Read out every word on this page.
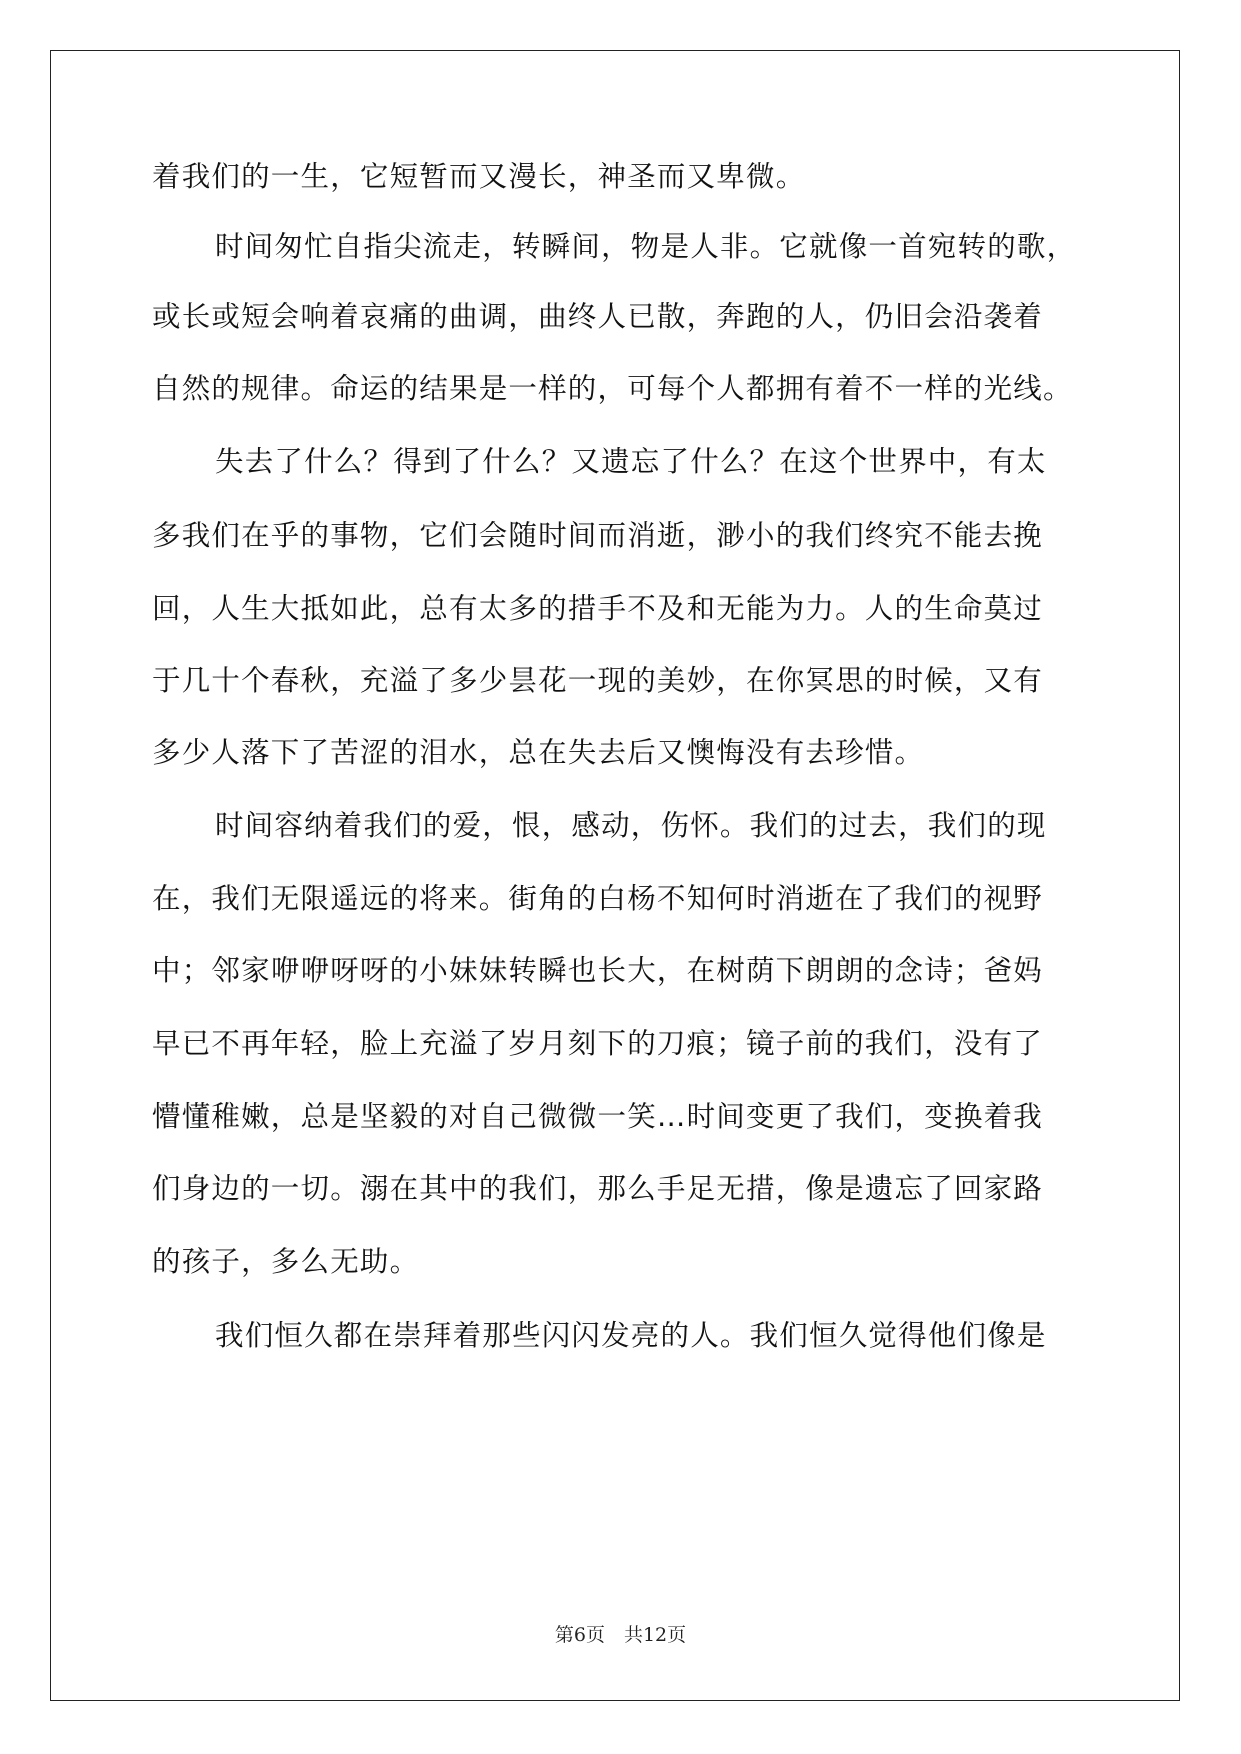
着我们的一生，它短暂而又漫长，神圣而又卑微。
时间匆忙自指尖流走，转瞬间，物是人非。它就像一首宛转的歌，
或长或短会响着哀痛的曲调，曲终人已散，奔跑的人，仍旧会沿袭着
自然的规律。命运的结果是一样的，可每个人都拥有着不一样的光线。
失去了什么？得到了什么？又遗忘了什么？在这个世界中，有太
多我们在乎的事物，它们会随时间而消逝，渺小的我们终究不能去挽
回，人生大抵如此，总有太多的措手不及和无能为力。人的生命莫过
于几十个春秋，充溢了多少昙花一现的美妙，在你冥思的时候，又有
多少人落下了苦涩的泪水，总在失去后又懊悔没有去珍惜。
时间容纳着我们的爱，恨，感动，伤怀。我们的过去，我们的现
在，我们无限遥远的将来。街角的白杨不知何时消逝在了我们的视野
中；邻家咿咿呀呀的小妹妹转瞬也长大，在树荫下朗朗的念诗；爸妈
早已不再年轻，脸上充溢了岁月刻下的刀痕；镜子前的我们，没有了
懵懂稚嫩，总是坚毅的对自己微微一笑…时间变更了我们，变换着我
们身边的一切。溺在其中的我们，那么手足无措，像是遗忘了回家路
的孩子，多么无助。
我们恒久都在崇拜着那些闪闪发亮的人。我们恒久觉得他们像是
第6页　共12页
